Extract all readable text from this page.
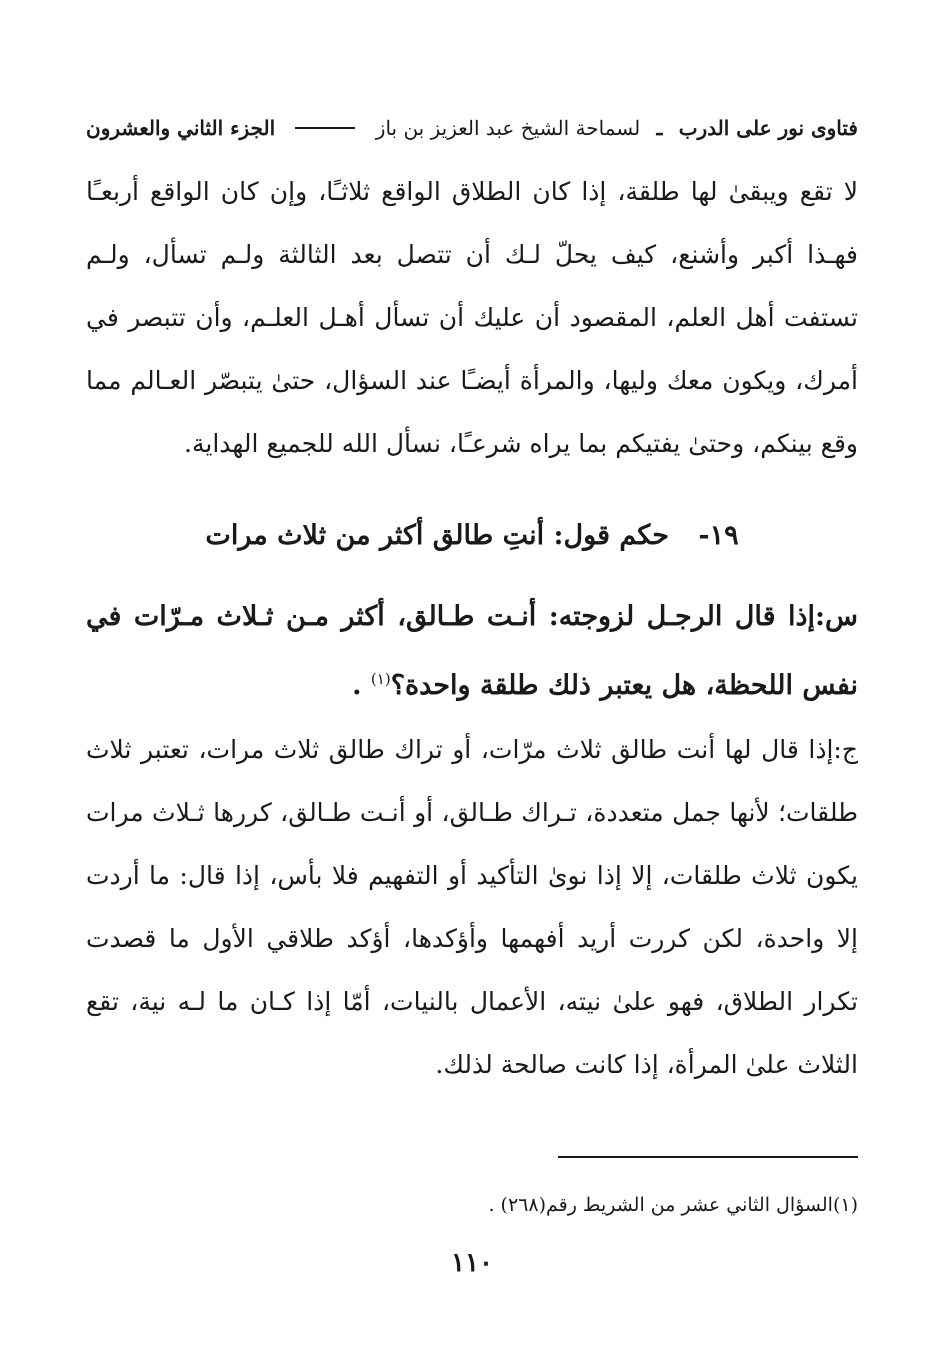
فتاوى نور على الدرب
ـ
لسماحة الشيخ عبد العزيز بن باز
الجزء الثاني والعشرون

لا تقع ويبقىٰ لها طلقة، إذا كان الطلاق الواقع ثلاثـًا، وإن كان الواقع أربعـًا فهـذا أكبر وأشنع، كيف يحلّ لـك أن تتصل بعد الثالثة ولـم تسأل، ولـم تستفت أهل العلم، المقصود أن عليك أن تسأل أهـل العلـم، وأن تتبصر في أمرك، ويكون معك وليها، والمرأة أيضـًا عند السؤال، حتىٰ يتبصّر العـالم مما وقع بينكم، وحتىٰ يفتيكم بما يراه شرعـًا، نسأل الله للجميع الهداية.

١٩- حكم قول: أنتِ طالق أكثر من ثلاث مرات
س:إذا قال الرجـل لزوجته: أنـت طـالق، أكثر مـن ثـلاث مـرّات في نفس اللحظة، هل يعتبر ذلك طلقة واحدة؟$^{(١)}$ .

ج:إذا قال لها أنت طالق ثلاث مرّات، أو تراك طالق ثلاث مرات، تعتبر ثلاث طلقات؛ لأنها جمل متعددة، تـراك طـالق، أو أنـت طـالق، كررها ثـلاث مرات يكون ثلاث طلقات، إلا إذا نوىٰ التأكيد أو التفهيم فلا بأس، إذا قال: ما أردت إلا واحدة، لكن كررت أريد أفهمها وأؤكدها، أؤكد طلاقي الأول ما قصدت تكرار الطلاق، فهو علىٰ نيته، الأعمال بالنيات، أمّا إذا كـان ما لـه نية، تقع الثلاث علىٰ المرأة، إذا كانت صالحة لذلك.

(١)السؤال الثاني عشر من الشريط رقم(٢٦٨) .
١١٠
